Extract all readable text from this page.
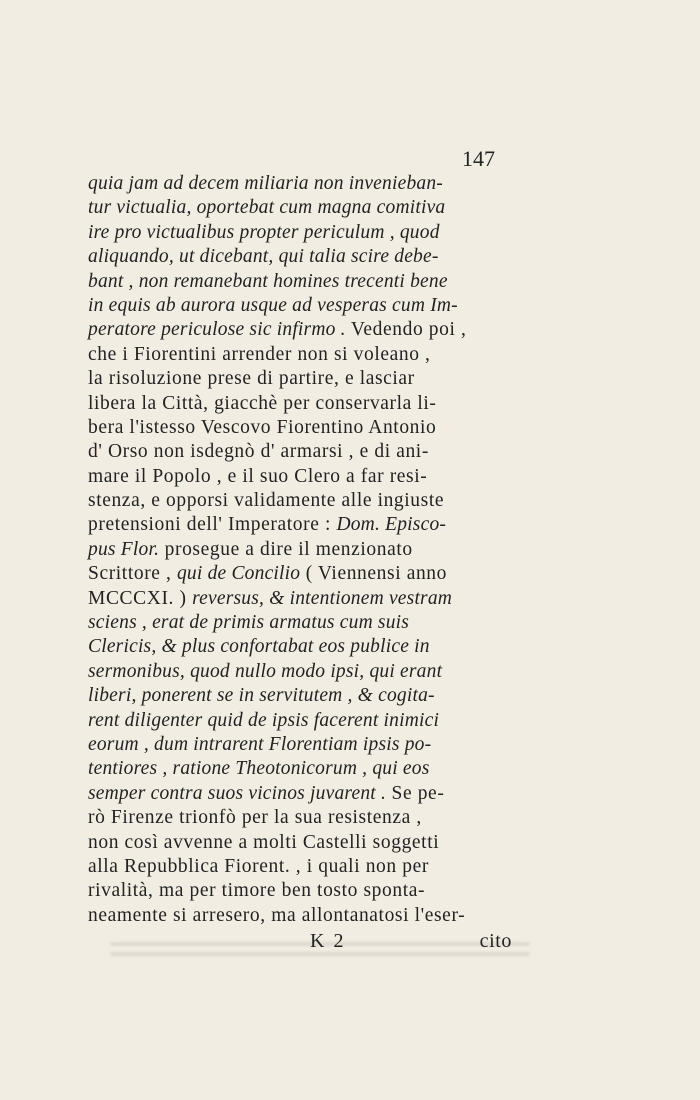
147
quia jam ad decem miliaria non invenieban-
tur victualia, oportebat cum magna comitiva
ire pro victualibus propter periculum , quod
aliquando, ut dicebant, qui talia scire debe-
bant , non remanebant homines trecenti bene
in equis ab aurora usque ad vesperas cum Im-
peratore periculose sic infirmo . Vedendo poi ,
che i Fiorentini arrender non si voleano ,
la risoluzione prese di partire, e lasciar
libera la Città, giacchè per conservarla li-
bera l'istesso Vescovo Fiorentino Antonio
d' Orso non isdegnò d' armarsi , e di ani-
mare il Popolo , e il suo Clero a far resi-
stenza, e opporsi validamente alle ingiuste
pretensioni dell' Imperatore : Dom. Episco-
pus Flor. prosegue a dire il menzionato
Scrittore , qui de Concilio ( Viennensi anno
MCCCXI. ) reversus, & intentionem vestram
sciens , erat de primis armatus cum suis
Clericis, & plus confortabat eos publice in
sermonibus, quod nullo modo ipsi, qui erant
liberi, ponerent se in servitutem , & cogita-
rent diligenter quid de ipsis facerent inimici
eorum , dum intrarent Florentiam ipsis po-
tentiores , ratione Theotonicorum , qui eos
semper contra suos vicinos juvarent . Se pe-
rò Firenze trionfò per la sua resistenza ,
non così avvenne a molti Castelli soggetti
alla Repubblica Fiorent. , i quali non per
rivalità, ma per timore ben tosto sponta-
neamente si arresero, ma allontanatosi l'eser-
K 2	cito
